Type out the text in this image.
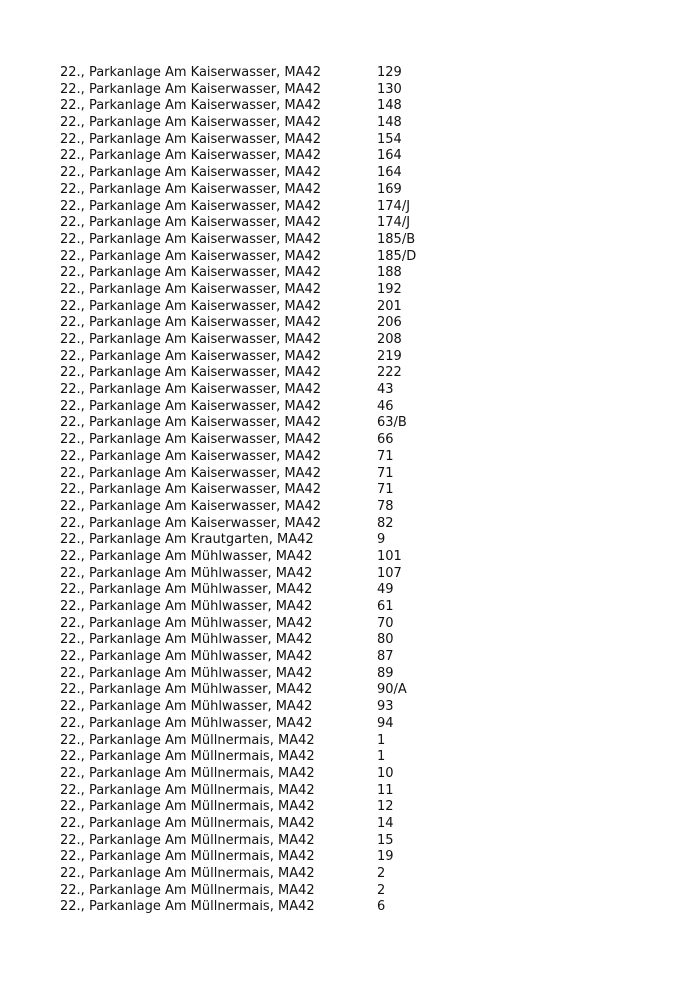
22., Parkanlage Am Kaiserwasser, MA42	129
22., Parkanlage Am Kaiserwasser, MA42	130
22., Parkanlage Am Kaiserwasser, MA42	148
22., Parkanlage Am Kaiserwasser, MA42	148
22., Parkanlage Am Kaiserwasser, MA42	154
22., Parkanlage Am Kaiserwasser, MA42	164
22., Parkanlage Am Kaiserwasser, MA42	164
22., Parkanlage Am Kaiserwasser, MA42	169
22., Parkanlage Am Kaiserwasser, MA42	174/J
22., Parkanlage Am Kaiserwasser, MA42	174/J
22., Parkanlage Am Kaiserwasser, MA42	185/B
22., Parkanlage Am Kaiserwasser, MA42	185/D
22., Parkanlage Am Kaiserwasser, MA42	188
22., Parkanlage Am Kaiserwasser, MA42	192
22., Parkanlage Am Kaiserwasser, MA42	201
22., Parkanlage Am Kaiserwasser, MA42	206
22., Parkanlage Am Kaiserwasser, MA42	208
22., Parkanlage Am Kaiserwasser, MA42	219
22., Parkanlage Am Kaiserwasser, MA42	222
22., Parkanlage Am Kaiserwasser, MA42	43
22., Parkanlage Am Kaiserwasser, MA42	46
22., Parkanlage Am Kaiserwasser, MA42	63/B
22., Parkanlage Am Kaiserwasser, MA42	66
22., Parkanlage Am Kaiserwasser, MA42	71
22., Parkanlage Am Kaiserwasser, MA42	71
22., Parkanlage Am Kaiserwasser, MA42	71
22., Parkanlage Am Kaiserwasser, MA42	78
22., Parkanlage Am Kaiserwasser, MA42	82
22., Parkanlage Am Krautgarten, MA42	9
22., Parkanlage Am Mühlwasser, MA42	101
22., Parkanlage Am Mühlwasser, MA42	107
22., Parkanlage Am Mühlwasser, MA42	49
22., Parkanlage Am Mühlwasser, MA42	61
22., Parkanlage Am Mühlwasser, MA42	70
22., Parkanlage Am Mühlwasser, MA42	80
22., Parkanlage Am Mühlwasser, MA42	87
22., Parkanlage Am Mühlwasser, MA42	89
22., Parkanlage Am Mühlwasser, MA42	90/A
22., Parkanlage Am Mühlwasser, MA42	93
22., Parkanlage Am Mühlwasser, MA42	94
22., Parkanlage Am Müllnermais, MA42	1
22., Parkanlage Am Müllnermais, MA42	1
22., Parkanlage Am Müllnermais, MA42	10
22., Parkanlage Am Müllnermais, MA42	11
22., Parkanlage Am Müllnermais, MA42	12
22., Parkanlage Am Müllnermais, MA42	14
22., Parkanlage Am Müllnermais, MA42	15
22., Parkanlage Am Müllnermais, MA42	19
22., Parkanlage Am Müllnermais, MA42	2
22., Parkanlage Am Müllnermais, MA42	2
22., Parkanlage Am Müllnermais, MA42	6
